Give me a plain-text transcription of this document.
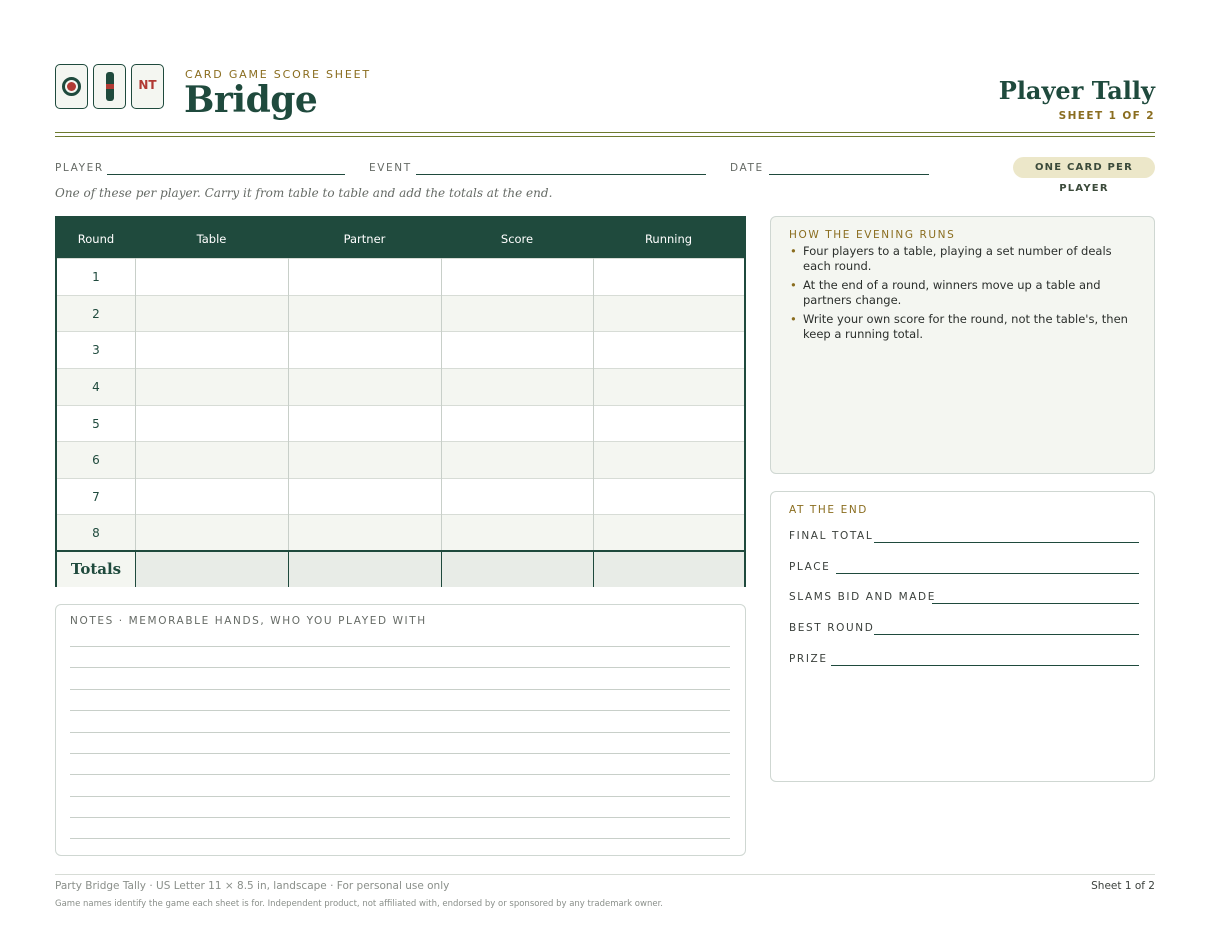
NT
CARD GAME SCORE SHEET
Bridge	Player Tally
SHEET 1 OF 2
PLAYER	EVENT	DATE	ONE CARD PER PLAYER
One of these per player. Carry it from table to table and add the totals at the end.
Round	Table	Partner	Score	Running
1
2
3
4
5
6
7
8
Totals
NOTES · MEMORABLE HANDS, WHO YOU PLAYED WITH
HOW THE EVENING RUNS
• Four players to a table, playing a set number of deals each round.
• At the end of a round, winners move up a table and partners change.
• Write your own score for the round, not the table's, then keep a running total.
AT THE END
FINAL TOTAL
PLACE
SLAMS BID AND MADE
BEST ROUND
PRIZE
Party Bridge Tally · US Letter 11 × 8.5 in, landscape · For personal use only	Sheet 1 of 2
Game names identify the game each sheet is for. Independent product, not affiliated with, endorsed by or sponsored by any trademark owner.
